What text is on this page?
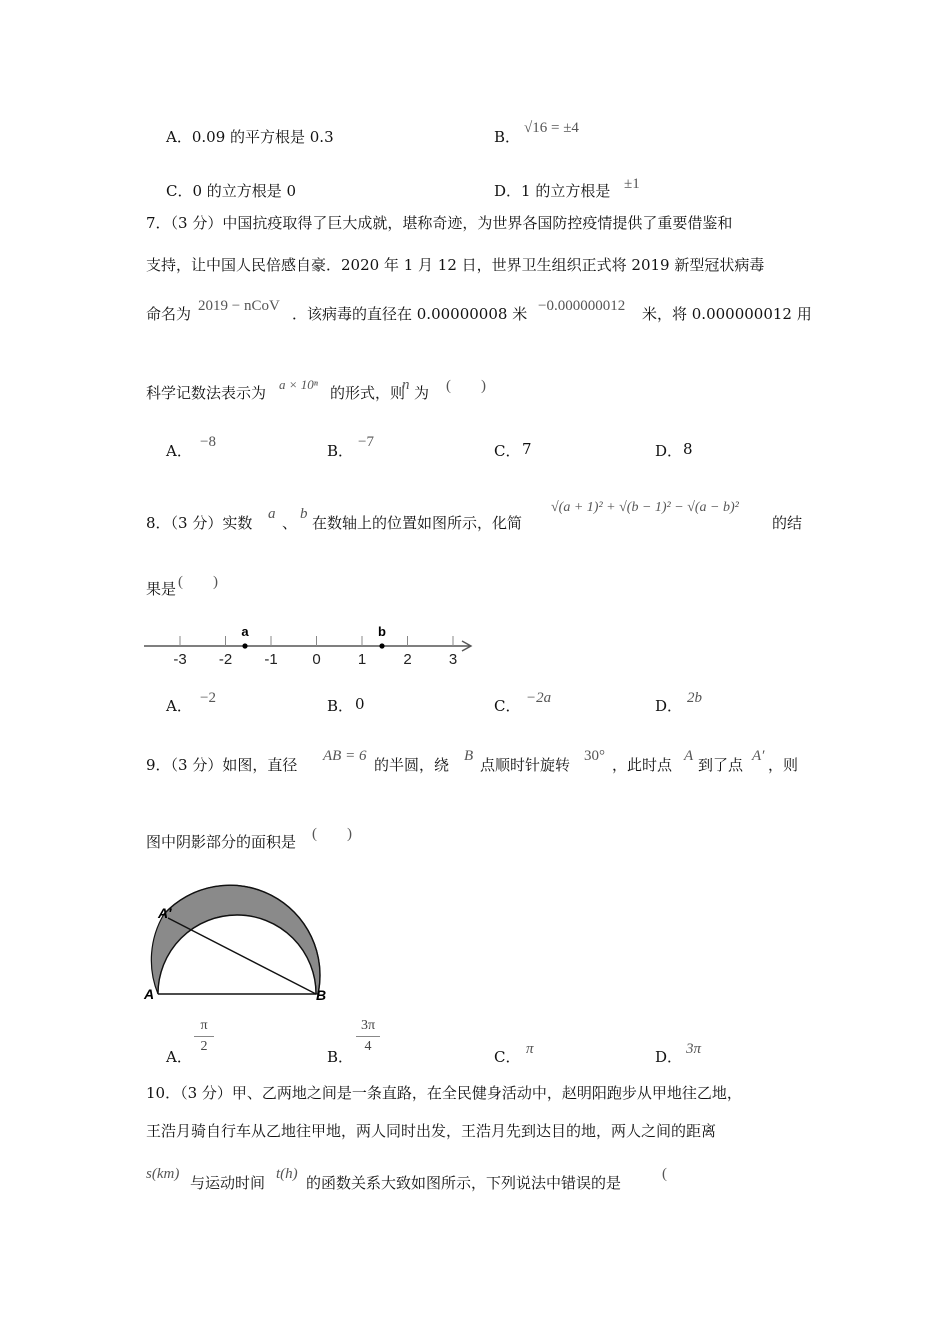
A．0.09 的平方根是 0.3	B． √16 = ±4
C．0 的立方根是 0	D．1 的立方根是 ±1
7．（3 分）中国抗疫取得了巨大成就，堪称奇迹，为世界各国防控疫情提供了重要借鉴和
支持，让中国人民倍感自豪．2020 年 1 月 12 日，世界卫生组织正式将 2019 新型冠状病毒
命名为 2019 − nCoV ．该病毒的直径在 0.00000008 米 −0.000000012 米，将 0.000000012 用
科学记数法表示为 a × 10ⁿ 的形式，则
n 为 (　　)
A． −8	B． −7	C． 7	D． 8
8．（3 分）实数 a 、 b 在数轴上的位置如图所示，化简
√(a + 1)² + √(b − 1)² − √(a − b)²
的结
果是 (　　)
-3 -2 -1 0 1 2 3
a	b
A． −2	B． 0	C． −2a	D． 2b
9．（3 分）如图，直径 AB = 6 的半圆，绕 B 点顺时针旋转 30° ，此时点 A 到了点 A′ ，则
图中阴影部分的面积是 (　　)
A	B
A′
A．
π
2
B．
3π
4
C． π	D． 3π
10．（3 分）甲、乙两地之间是一条直路，在全民健身活动中，赵明阳跑步从甲地往乙地，
王浩月骑自行车从乙地往甲地，两人同时出发，王浩月先到达目的地，两人之间的距离
s(km) 与运动时间 t(h) 的函数关系大致如图所示，下列说法中错误的是	(
